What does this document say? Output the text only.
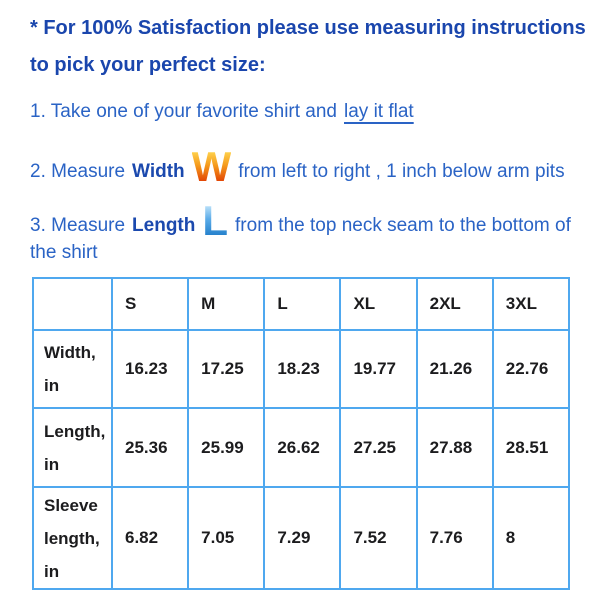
* For 100% Satisfaction please use measuring instructions
to pick your perfect size:
1. Take one of your favorite shirt and lay it flat
2. Measure Width W from left to right , 1 inch below arm pits
3. Measure Length L from the top neck seam to the bottom of
the shirt
	S	M	L	XL	2XL	3XL
Width, in	16.23	17.25	18.23	19.77	21.26	22.76
Length, in	25.36	25.99	26.62	27.25	27.88	28.51
Sleeve length, in	6.82	7.05	7.29	7.52	7.76	8
